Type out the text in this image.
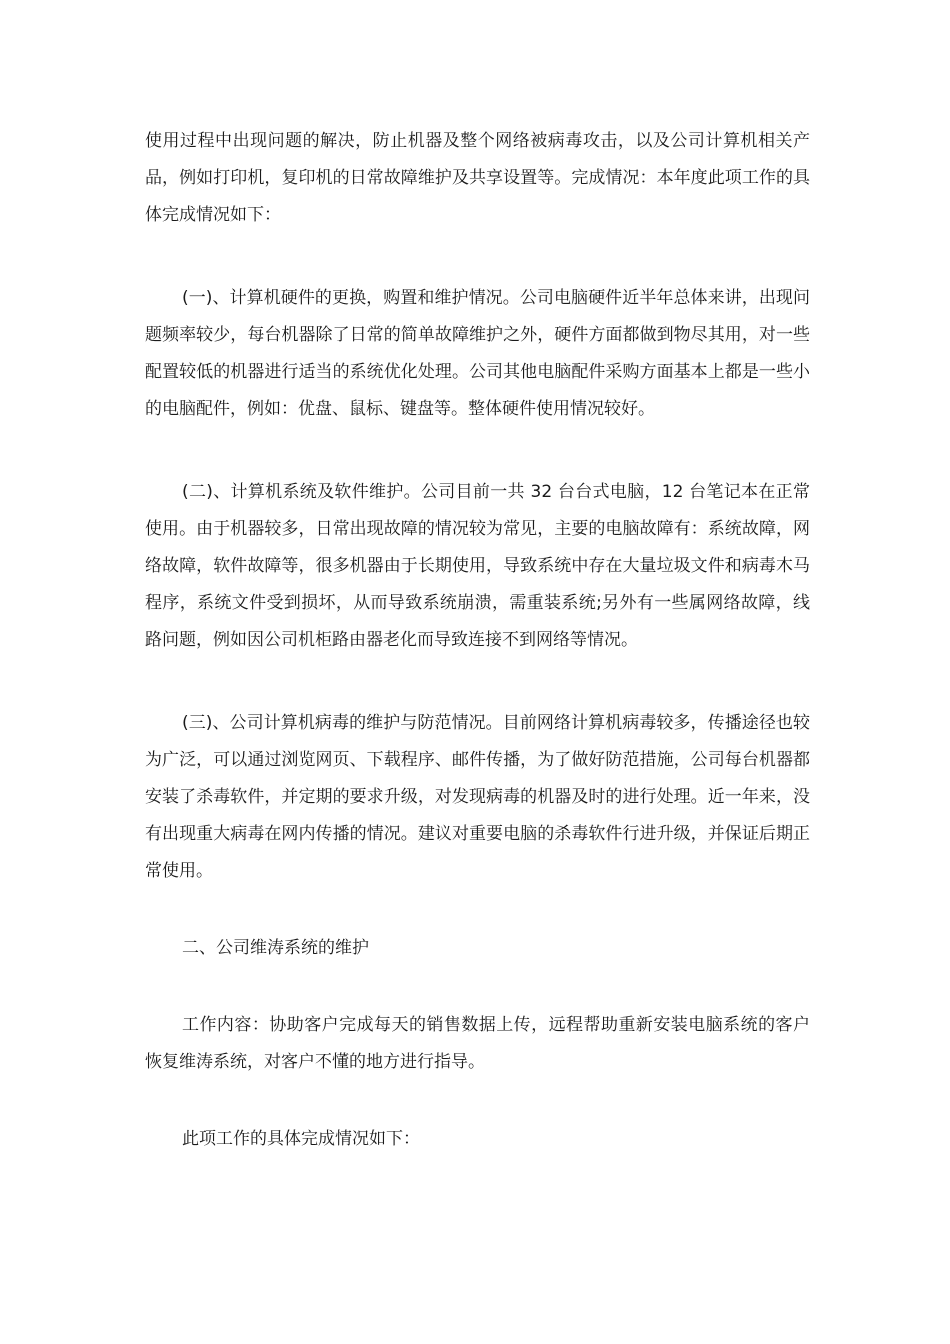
使用过程中出现问题的解决，防止机器及整个网络被病毒攻击，以及公司计算机相关产品，例如打印机，复印机的日常故障维护及共享设置等。完成情况：本年度此项工作的具体完成情况如下：

(一)、计算机硬件的更换，购置和维护情况。公司电脑硬件近半年总体来讲，出现问题频率较少，每台机器除了日常的简单故障维护之外，硬件方面都做到物尽其用，对一些配置较低的机器进行适当的系统优化处理。公司其他电脑配件采购方面基本上都是一些小的电脑配件，例如：优盘、鼠标、键盘等。整体硬件使用情况较好。

(二)、计算机系统及软件维护。公司目前一共 32 台台式电脑，12 台笔记本在正常使用。由于机器较多，日常出现故障的情况较为常见，主要的电脑故障有：系统故障，网络故障，软件故障等，很多机器由于长期使用，导致系统中存在大量垃圾文件和病毒木马程序，系统文件受到损坏，从而导致系统崩溃，需重装系统;另外有一些属网络故障，线路问题，例如因公司机柜路由器老化而导致连接不到网络等情况。

(三)、公司计算机病毒的维护与防范情况。目前网络计算机病毒较多，传播途径也较为广泛，可以通过浏览网页、下载程序、邮件传播，为了做好防范措施，公司每台机器都安装了杀毒软件，并定期的要求升级，对发现病毒的机器及时的进行处理。近一年来，没有出现重大病毒在网内传播的情况。建议对重要电脑的杀毒软件行进升级，并保证后期正常使用。

二、公司维涛系统的维护

工作内容：协助客户完成每天的销售数据上传，远程帮助重新安装电脑系统的客户恢复维涛系统，对客户不懂的地方进行指导。

此项工作的具体完成情况如下：
